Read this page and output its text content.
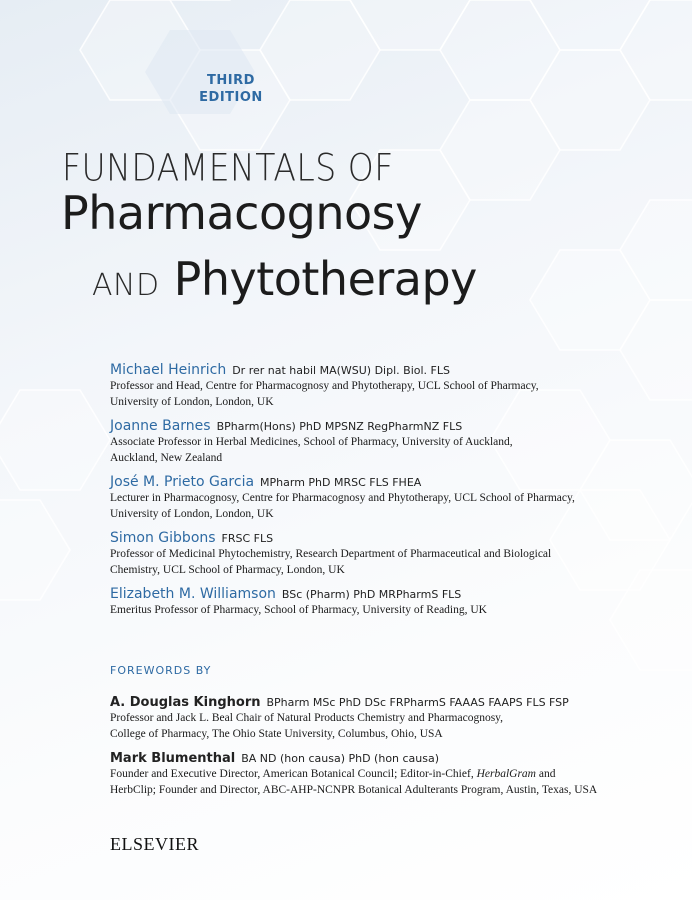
THIRD
EDITION
FUNDAMENTALS OF
Pharmacognosy
AND Phytotherapy
Michael Heinrich Dr rer nat habil MA(WSU) Dipl. Biol. FLS
Professor and Head, Centre for Pharmacognosy and Phytotherapy, UCL School of Pharmacy,
University of London, London, UK
Joanne Barnes BPharm(Hons) PhD MPSNZ RegPharmNZ FLS
Associate Professor in Herbal Medicines, School of Pharmacy, University of Auckland,
Auckland, New Zealand
José M. Prieto Garcia MPharm PhD MRSC FLS FHEA
Lecturer in Pharmacognosy, Centre for Pharmacognosy and Phytotherapy, UCL School of Pharmacy,
University of London, London, UK
Simon Gibbons FRSC FLS
Professor of Medicinal Phytochemistry, Research Department of Pharmaceutical and Biological
Chemistry, UCL School of Pharmacy, London, UK
Elizabeth M. Williamson BSc (Pharm) PhD MRPharmS FLS
Emeritus Professor of Pharmacy, School of Pharmacy, University of Reading, UK
FOREWORDS BY
A. Douglas Kinghorn BPharm MSc PhD DSc FRPharmS FAAAS FAAPS FLS FSP
Professor and Jack L. Beal Chair of Natural Products Chemistry and Pharmacognosy,
College of Pharmacy, The Ohio State University, Columbus, Ohio, USA
Mark Blumenthal BA ND (hon causa) PhD (hon causa)
Founder and Executive Director, American Botanical Council; Editor-in-Chief, HerbalGram and
HerbClip; Founder and Director, ABC-AHP-NCNPR Botanical Adulterants Program, Austin, Texas, USA
ELSEVIER
